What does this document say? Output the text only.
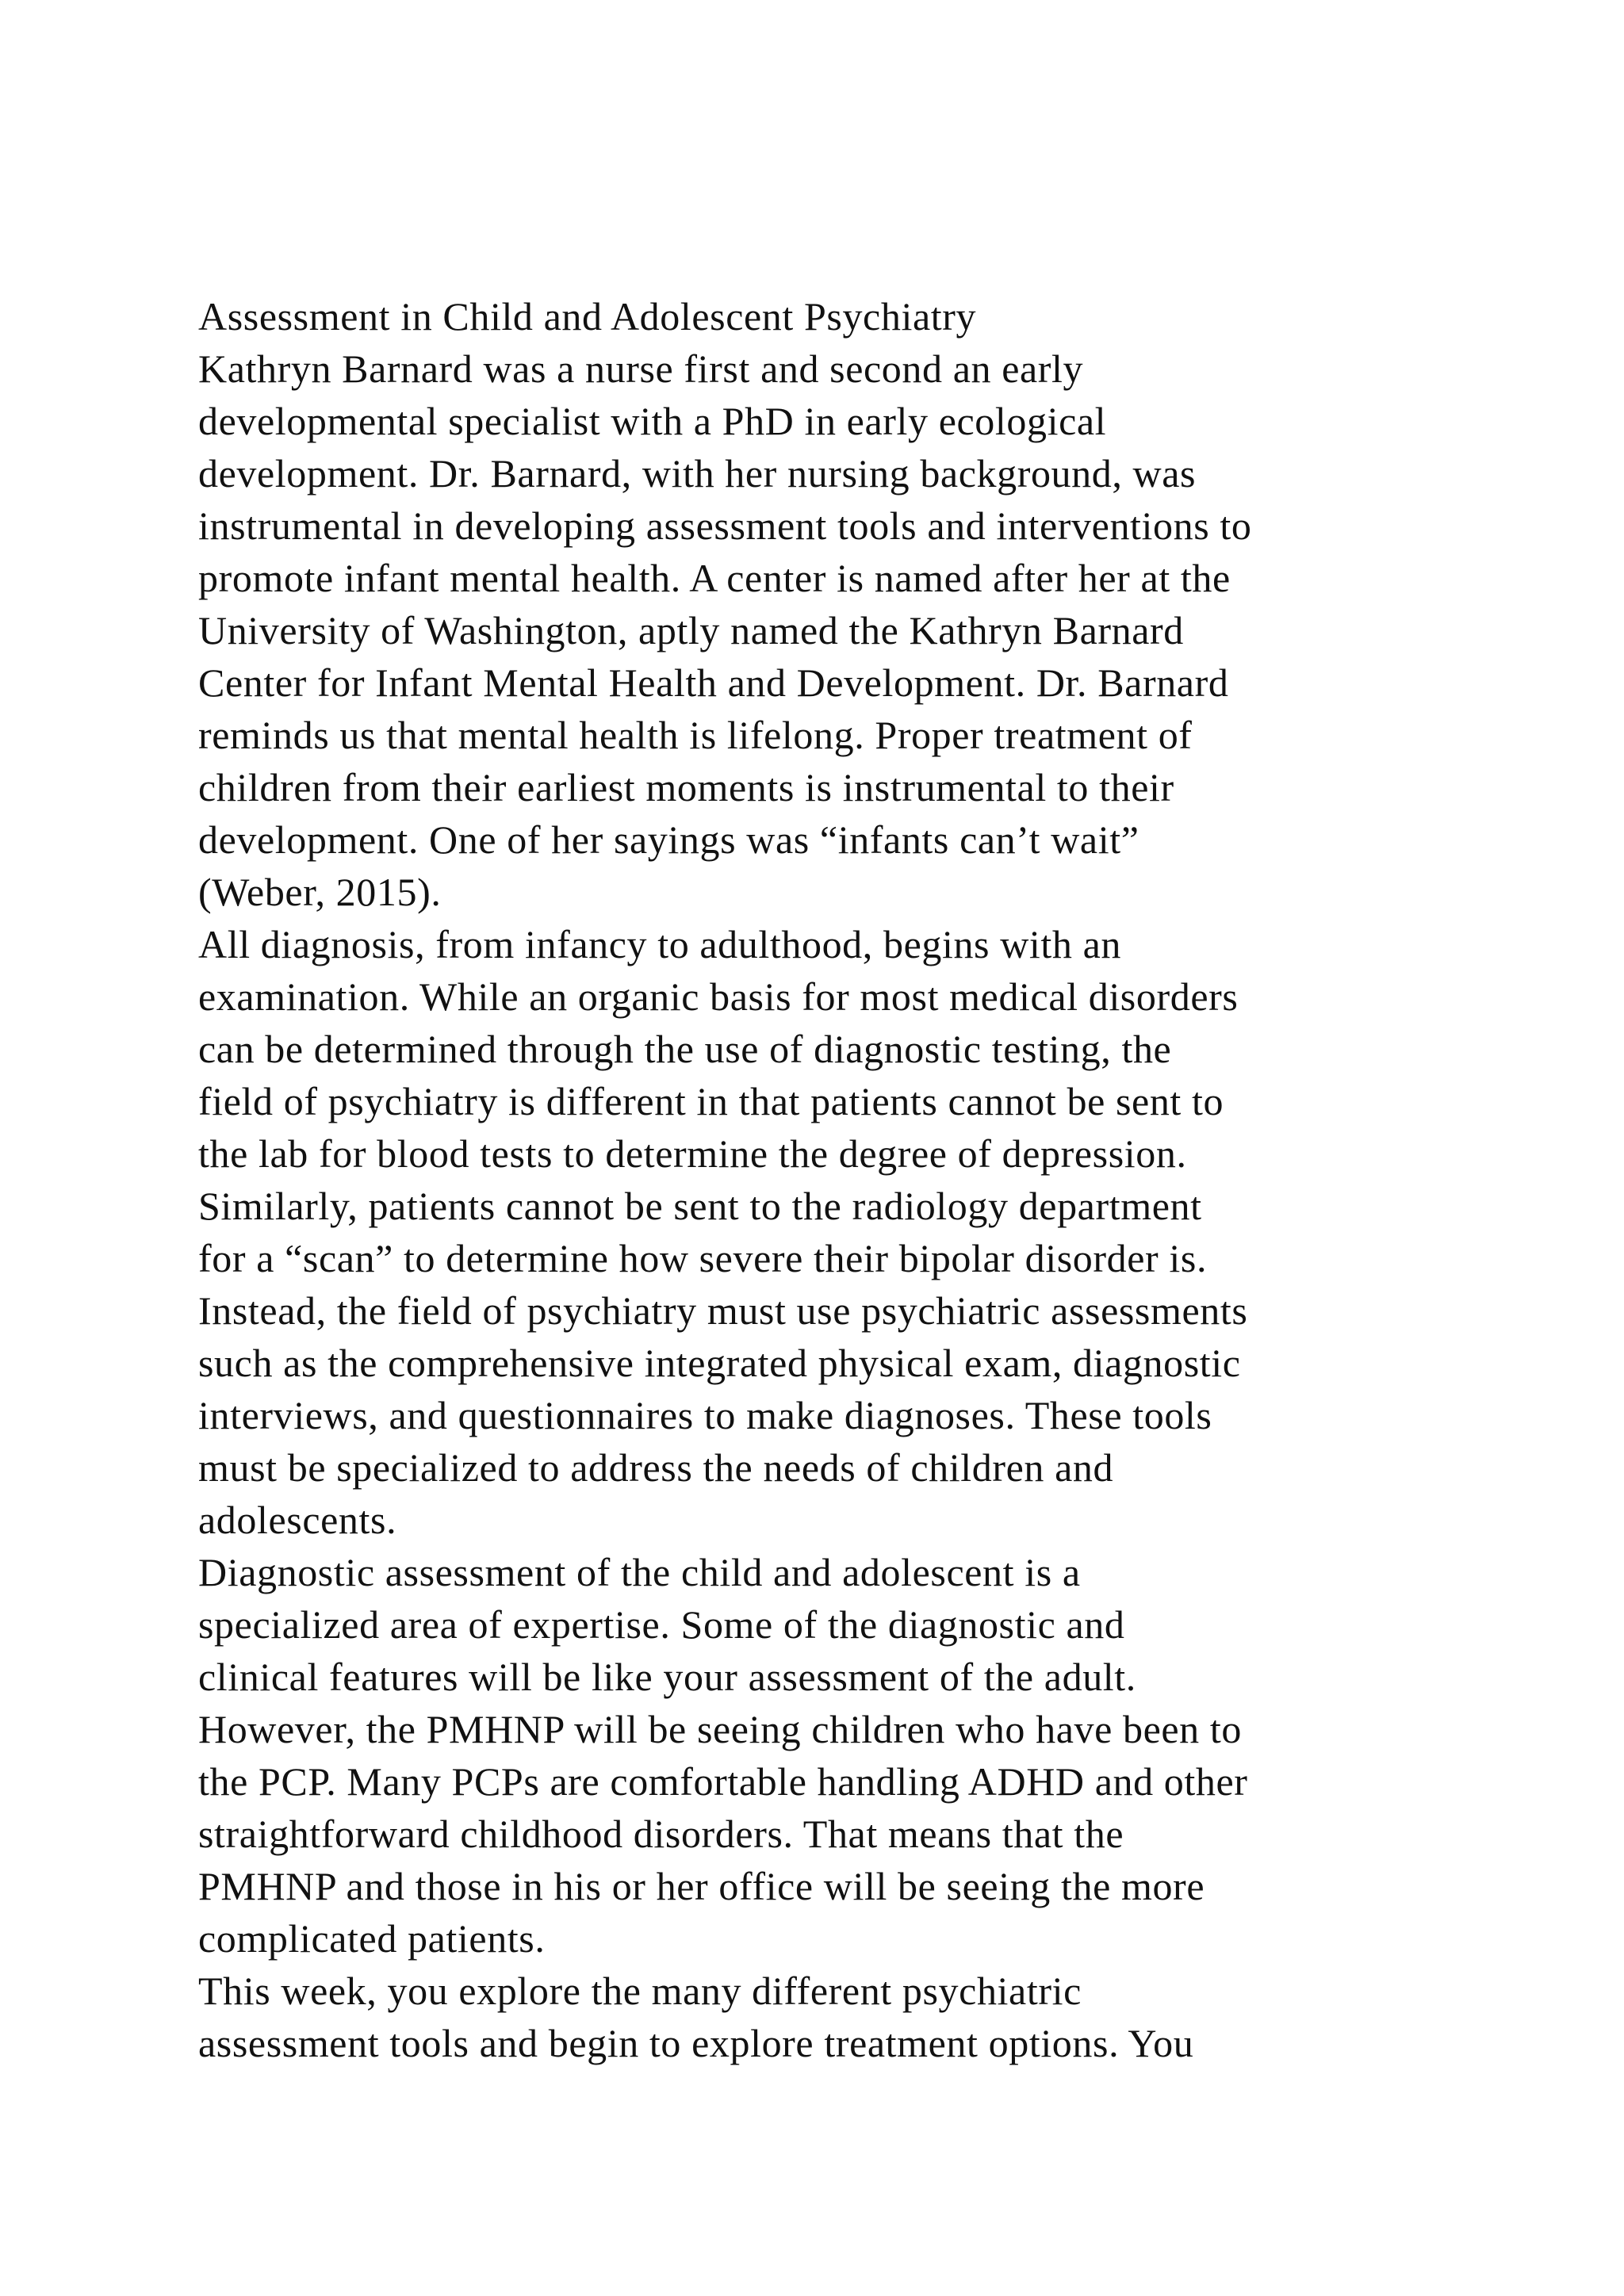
Assessment in Child and Adolescent Psychiatry
Kathryn Barnard was a nurse first and second an early
developmental specialist with a PhD in early ecological
development. Dr. Barnard, with her nursing background, was
instrumental in developing assessment tools and interventions to
promote infant mental health. A center is named after her at the
University of Washington, aptly named the Kathryn Barnard
Center for Infant Mental Health and Development. Dr. Barnard
reminds us that mental health is lifelong. Proper treatment of
children from their earliest moments is instrumental to their
development. One of her sayings was “infants can’t wait”
(Weber, 2015).
All diagnosis, from infancy to adulthood, begins with an
examination. While an organic basis for most medical disorders
can be determined through the use of diagnostic testing, the
field of psychiatry is different in that patients cannot be sent to
the lab for blood tests to determine the degree of depression.
Similarly, patients cannot be sent to the radiology department
for a “scan” to determine how severe their bipolar disorder is.
Instead, the field of psychiatry must use psychiatric assessments
such as the comprehensive integrated physical exam, diagnostic
interviews, and questionnaires to make diagnoses. These tools
must be specialized to address the needs of children and
adolescents.
Diagnostic assessment of the child and adolescent is a
specialized area of expertise. Some of the diagnostic and
clinical features will be like your assessment of the adult.
However, the PMHNP will be seeing children who have been to
the PCP. Many PCPs are comfortable handling ADHD and other
straightforward childhood disorders. That means that the
PMHNP and those in his or her office will be seeing the more
complicated patients.
This week, you explore the many different psychiatric
assessment tools and begin to explore treatment options. You
